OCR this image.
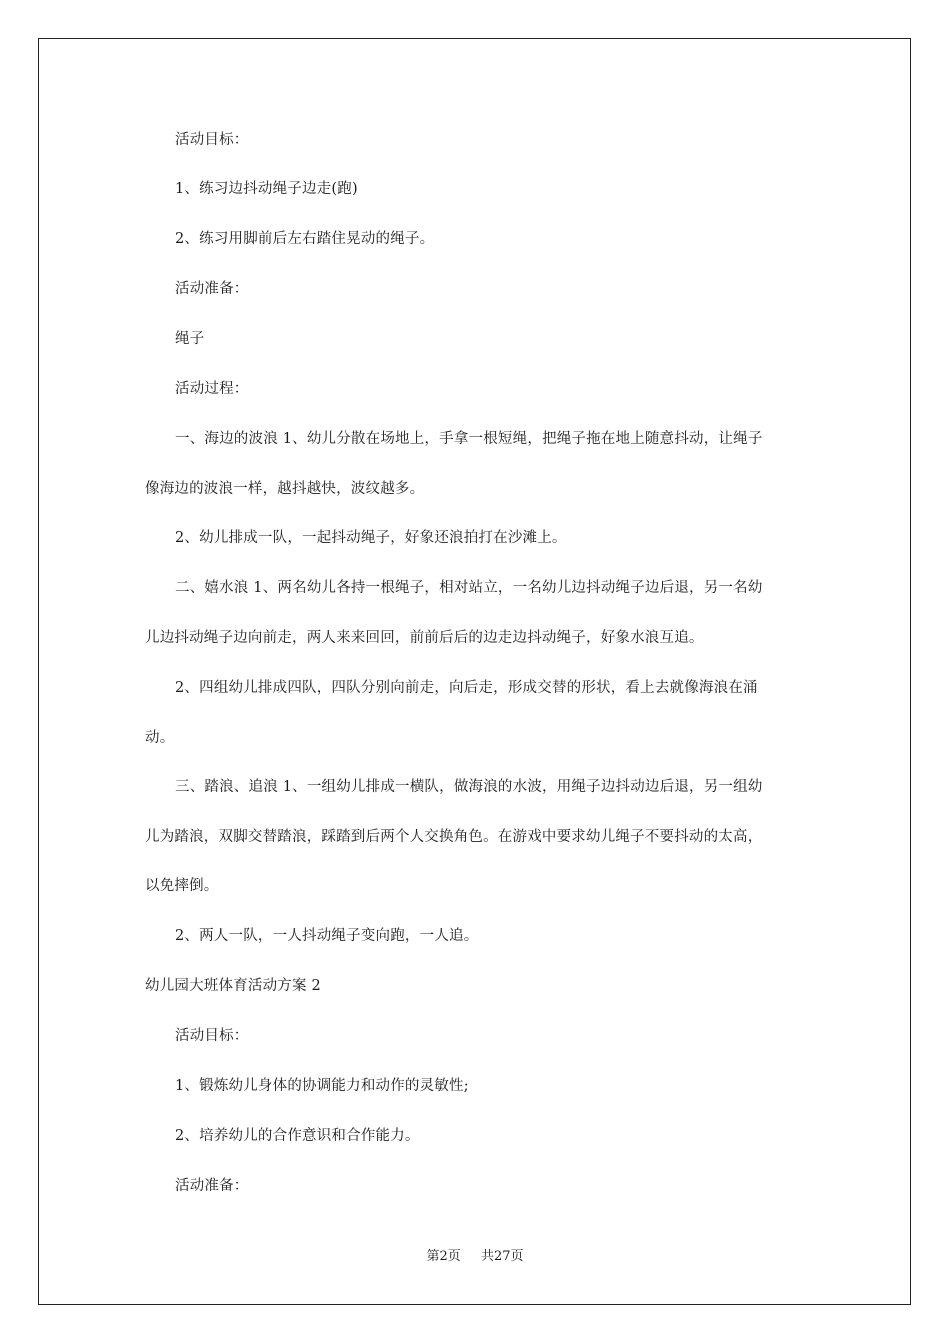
活动目标：
1、练习边抖动绳子边走(跑)
2、练习用脚前后左右踏住晃动的绳子。
活动准备：
绳子
活动过程：
一、海边的波浪 1、幼儿分散在场地上，手拿一根短绳，把绳子拖在地上随意抖动，让绳子
像海边的波浪一样，越抖越快，波纹越多。
2、幼儿排成一队，一起抖动绳子，好象还浪拍打在沙滩上。
二、嬉水浪 1、两名幼儿各持一根绳子，相对站立，一名幼儿边抖动绳子边后退，另一名幼
儿边抖动绳子边向前走，两人来来回回，前前后后的边走边抖动绳子，好象水浪互追。
2、四组幼儿排成四队，四队分别向前走，向后走，形成交替的形状，看上去就像海浪在涌
动。
三、踏浪、追浪 1、一组幼儿排成一横队，做海浪的水波，用绳子边抖动边后退，另一组幼
儿为踏浪，双脚交替踏浪，踩踏到后两个人交换角色。在游戏中要求幼儿绳子不要抖动的太高，
以免摔倒。
2、两人一队，一人抖动绳子变向跑，一人追。
幼儿园大班体育活动方案 2
活动目标：
1、锻炼幼儿身体的协调能力和动作的灵敏性;
2、培养幼儿的合作意识和合作能力。
活动准备：
第2页 共27页
